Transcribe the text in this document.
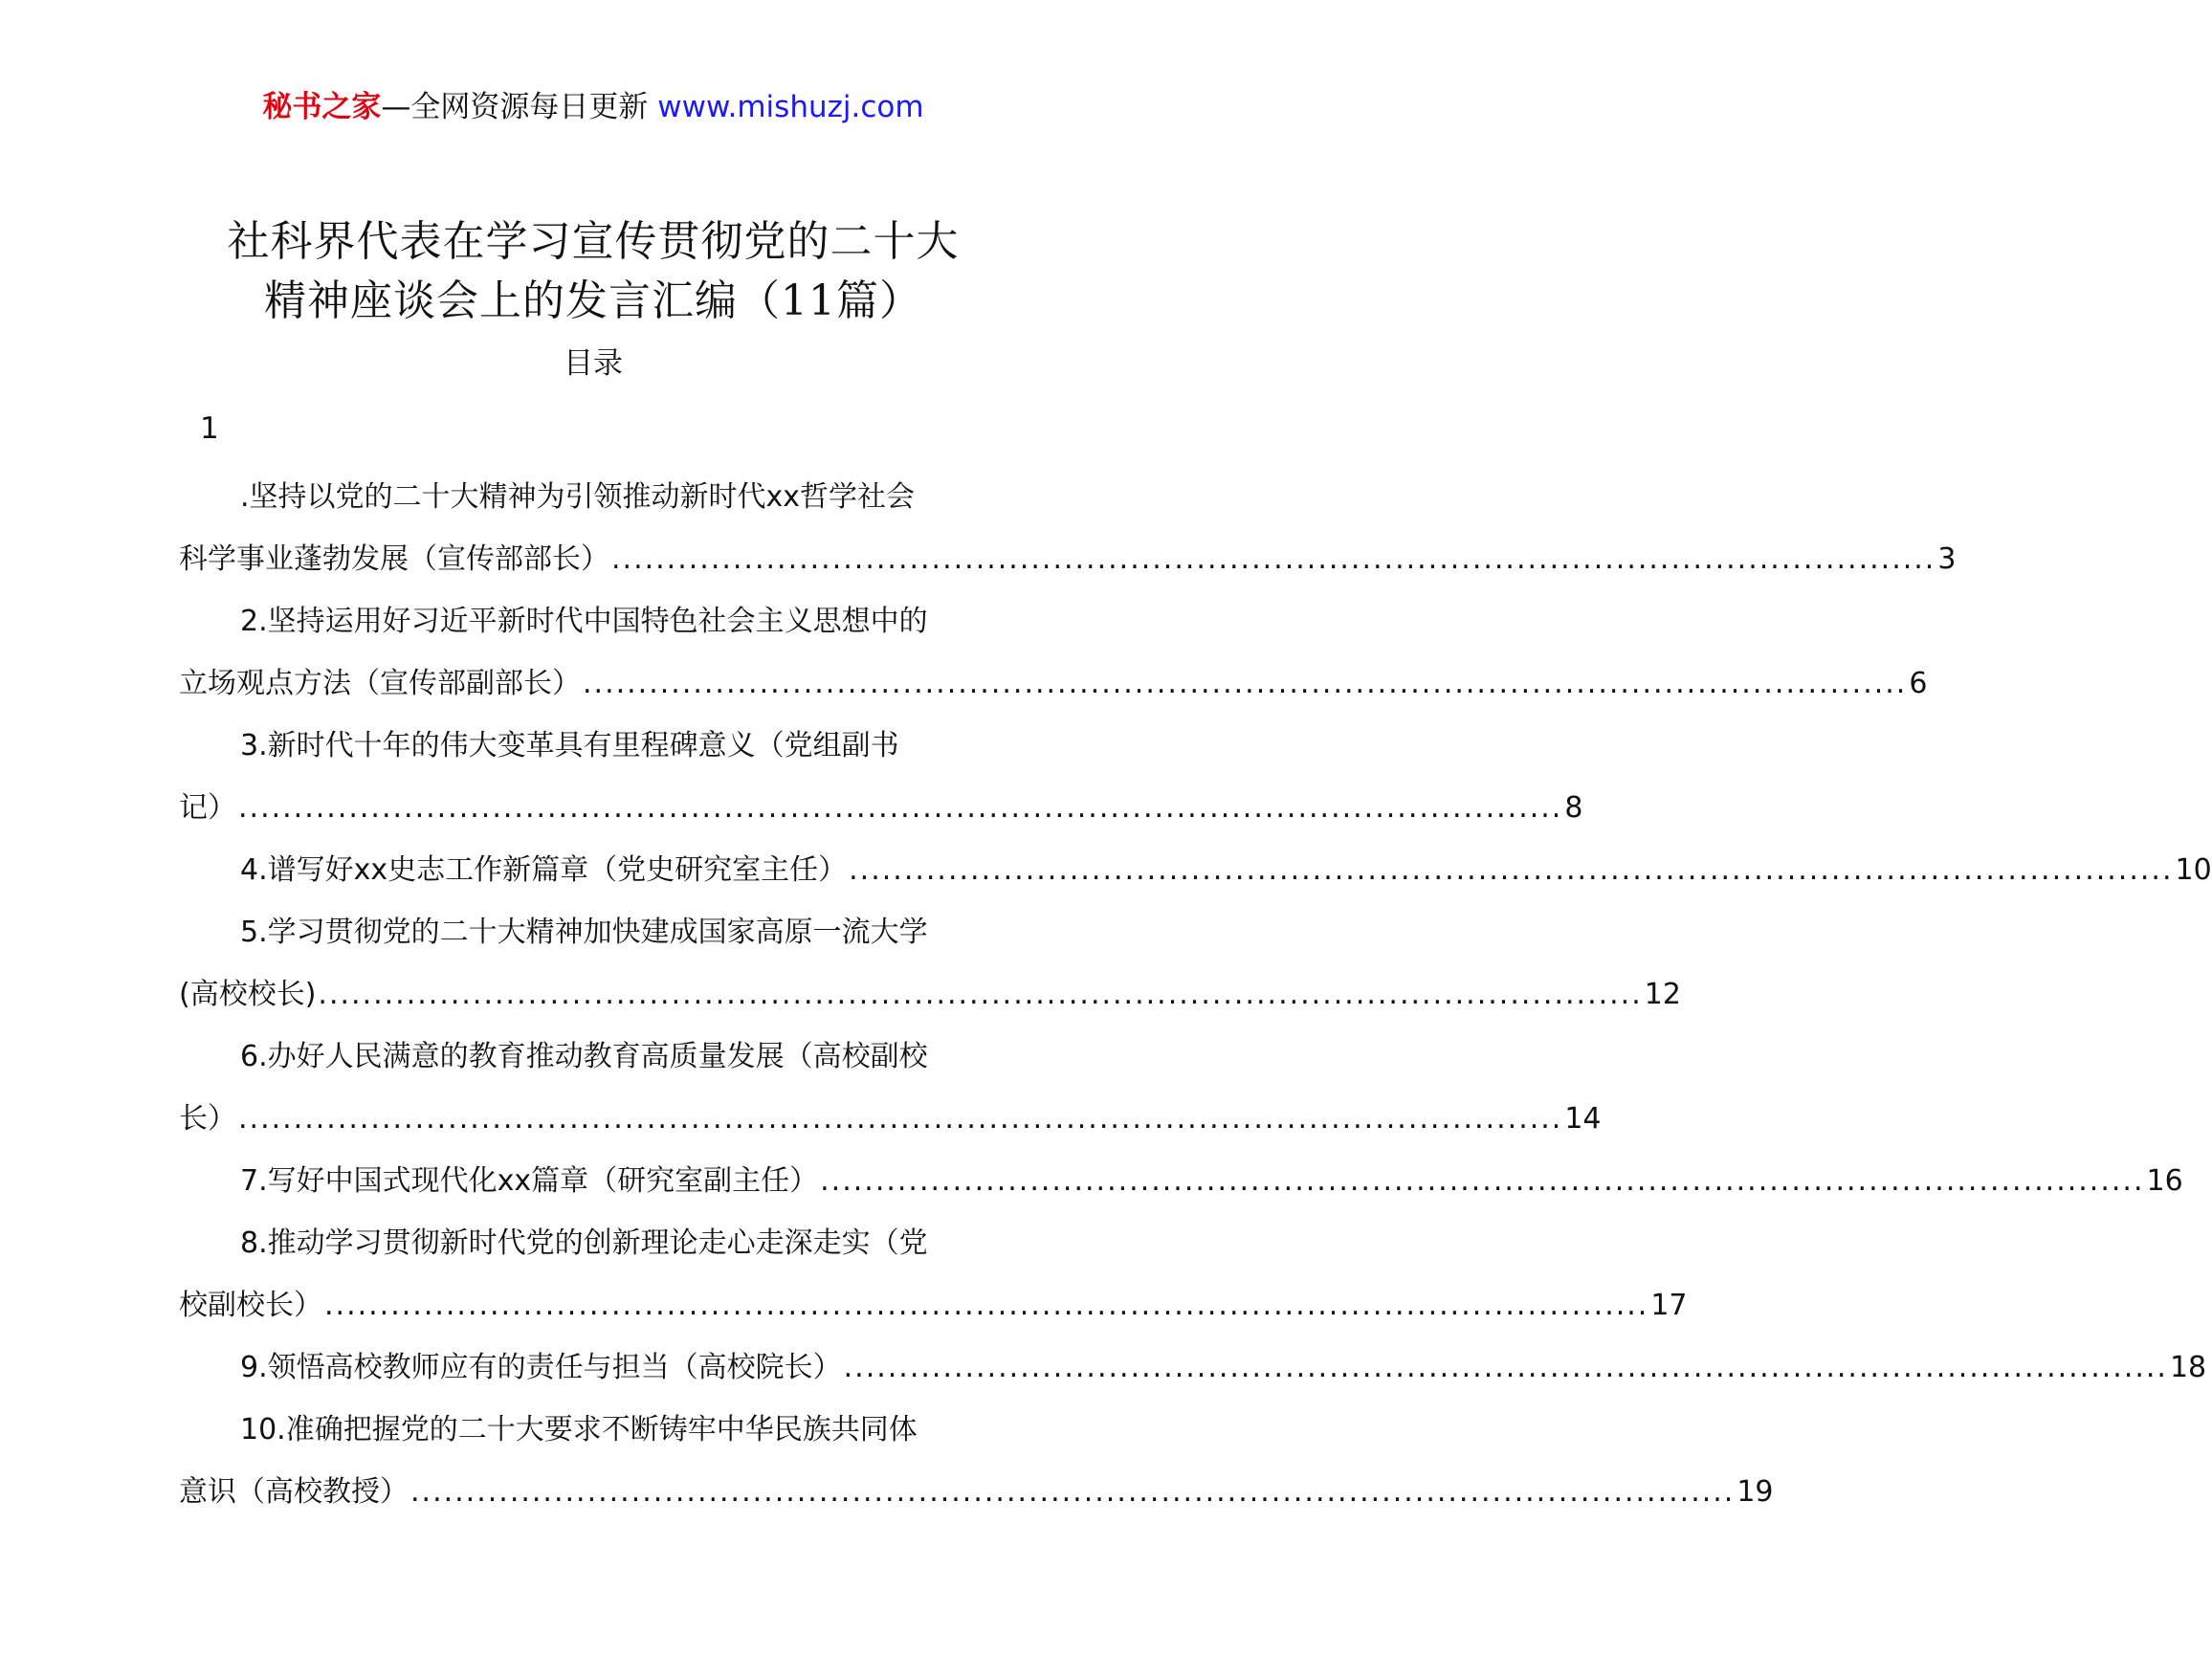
秘书之家—全网资源每日更新 www.mishuzj.com
社科界代表在学习宣传贯彻党的二十大
精神座谈会上的发言汇编（11篇）
目录
1
.坚持以党的二十大精神为引领推动新时代xx哲学社会
科学事业蓬勃发展（宣传部部长） ........................................................................................................................ 3
2.坚持运用好习近平新时代中国特色社会主义思想中的
立场观点方法（宣传部副部长） ........................................................................................................................ 6
3.新时代十年的伟大变革具有里程碑意义（党组副书
记） ........................................................................................................................ 8
4.谱写好xx史志工作新篇章（党史研究室主任） ........................................................................................................................ 10
5.学习贯彻党的二十大精神加快建成国家高原一流大学
(高校校长) ........................................................................................................................ 12
6.办好人民满意的教育推动教育高质量发展（高校副校
长） ........................................................................................................................ 14
7.写好中国式现代化xx篇章（研究室副主任） ........................................................................................................................ 16
8.推动学习贯彻新时代党的创新理论走心走深走实（党
校副校长） ........................................................................................................................ 17
9.领悟高校教师应有的责任与担当（高校院长） ........................................................................................................................ 18
10.准确把握党的二十大要求不断铸牢中华民族共同体
意识（高校教授） ........................................................................................................................ 19
